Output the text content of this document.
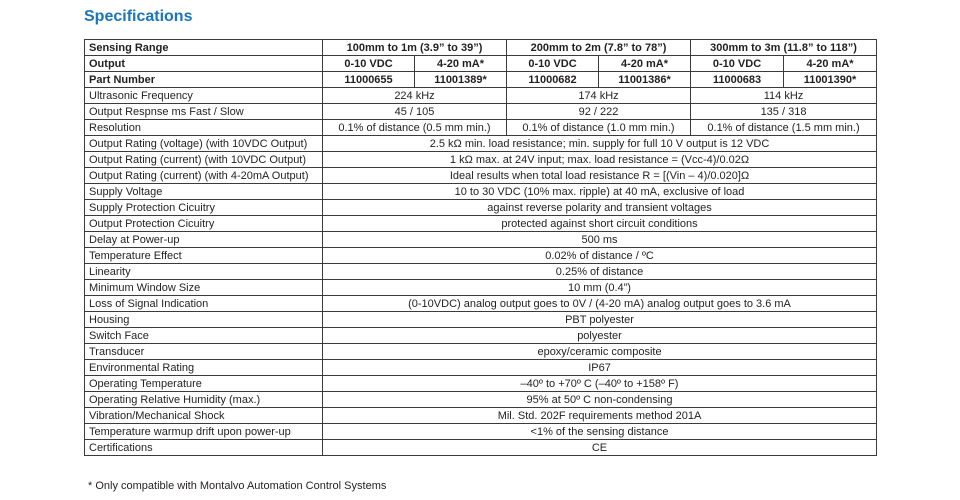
Specifications
Sensing Range	100mm to 1m (3.9” to 39”)		200mm to 2m (7.8” to 78”)		300mm to 3m (11.8” to 118”)	
Output	0-10 VDC	4-20 mA*	0-10 VDC	4-20 mA*	0-10 VDC	4-20 mA*
Part Number	11000655	11001389*	11000682	11001386*	11000683	11001390*
Ultrasonic Frequency	224 kHz		174 kHz		114 kHz	
Output Respnse ms Fast / Slow	45 / 105		92 / 222		135 / 318	
Resolution	0.1% of distance (0.5 mm min.)		0.1% of distance (1.0 mm min.)		0.1% of distance (1.5 mm min.)	
Output Rating (voltage) (with 10VDC Output)	2.5 kΩ min. load resistance; min. supply for full 10 V output is 12 VDC					
Output Rating (current) (with 10VDC Output)	1 kΩ max. at 24V input; max. load resistance = (Vcc-4)/0.02Ω					
Output Rating (current) (with 4-20mA Output)	Ideal results when total load resistance R = [(Vin – 4)/0.020]Ω					
Supply Voltage	10 to 30 VDC (10% max. ripple) at 40 mA, exclusive of load					
Supply Protection Cicuitry	against reverse polarity and transient voltages					
Output Protection Cicuitry	protected against short circuit conditions					
Delay at Power-up	500 ms					
Temperature Effect	0.02% of distance / ºC					
Linearity	0.25% of distance					
Minimum Window Size	10 mm (0.4”)					
Loss of Signal Indication	(0-10VDC) analog output goes to 0V / (4-20 mA) analog output goes to 3.6 mA					
Housing	PBT polyester					
Switch Face	polyester					
Transducer	epoxy/ceramic composite					
Environmental Rating	IP67					
Operating Temperature	–40º to +70º C (–40º to +158º F)					
Operating Relative Humidity (max.)	95% at 50º C non-condensing					
Vibration/Mechanical Shock	Mil. Std. 202F requirements method 201A					
Temperature warmup drift upon power-up	<1% of the sensing distance					
Certifications	CE					
* Only compatible with Montalvo Automation Control Systems
